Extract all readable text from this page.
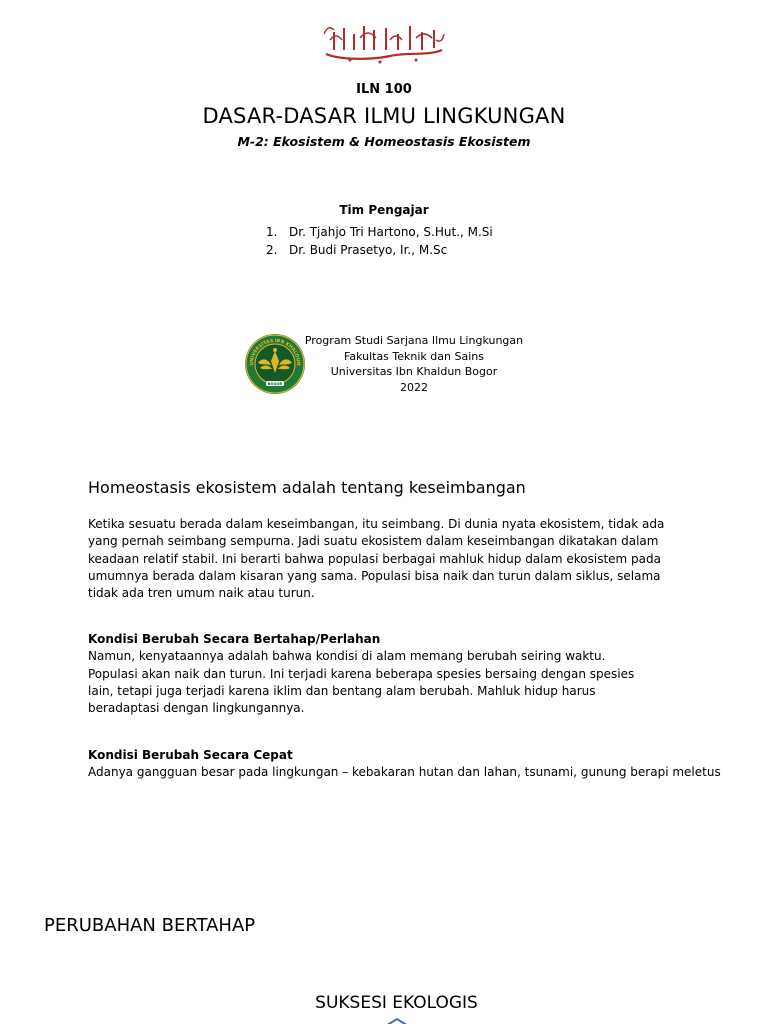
بسم الله الرحمن الرحيم
ILN 100
DASAR-DASAR ILMU LINGKUNGAN
M-2: Ekosistem & Homeostasis Ekosistem
Tim Pengajar
1. Dr. Tjahjo Tri Hartono, S.Hut., M.Si
2. Dr. Budi Prasetyo, Ir., M.Sc
UNIVERSITAS IBN KHALDUN
BOGOR
Program Studi Sarjana Ilmu Lingkungan
Fakultas Teknik dan Sains
Universitas Ibn Khaldun Bogor
2022
Homeostasis ekosistem adalah tentang keseimbangan

Ketika sesuatu berada dalam keseimbangan, itu seimbang. Di dunia nyata ekosistem, tidak ada yang pernah seimbang sempurna. Jadi suatu ekosistem dalam keseimbangan dikatakan dalam keadaan relatif stabil. Ini berarti bahwa populasi berbagai mahluk hidup dalam ekosistem pada umumnya berada dalam kisaran yang sama. Populasi bisa naik dan turun dalam siklus, selama tidak ada tren umum naik atau turun.

Kondisi Berubah Secara Bertahap/Perlahan
Namun, kenyataannya adalah bahwa kondisi di alam memang berubah seiring waktu. Populasi akan naik dan turun. Ini terjadi karena beberapa spesies bersaing dengan spesies lain, tetapi juga terjadi karena iklim dan bentang alam berubah. Mahluk hidup harus beradaptasi dengan lingkungannya.
Kondisi Berubah Secara Cepat
Adanya gangguan besar pada lingkungan – kebakaran hutan dan lahan, tsunami, gunung berapi meletus
PERUBAHAN BERTAHAP
SUKSESI EKOLOGIS
